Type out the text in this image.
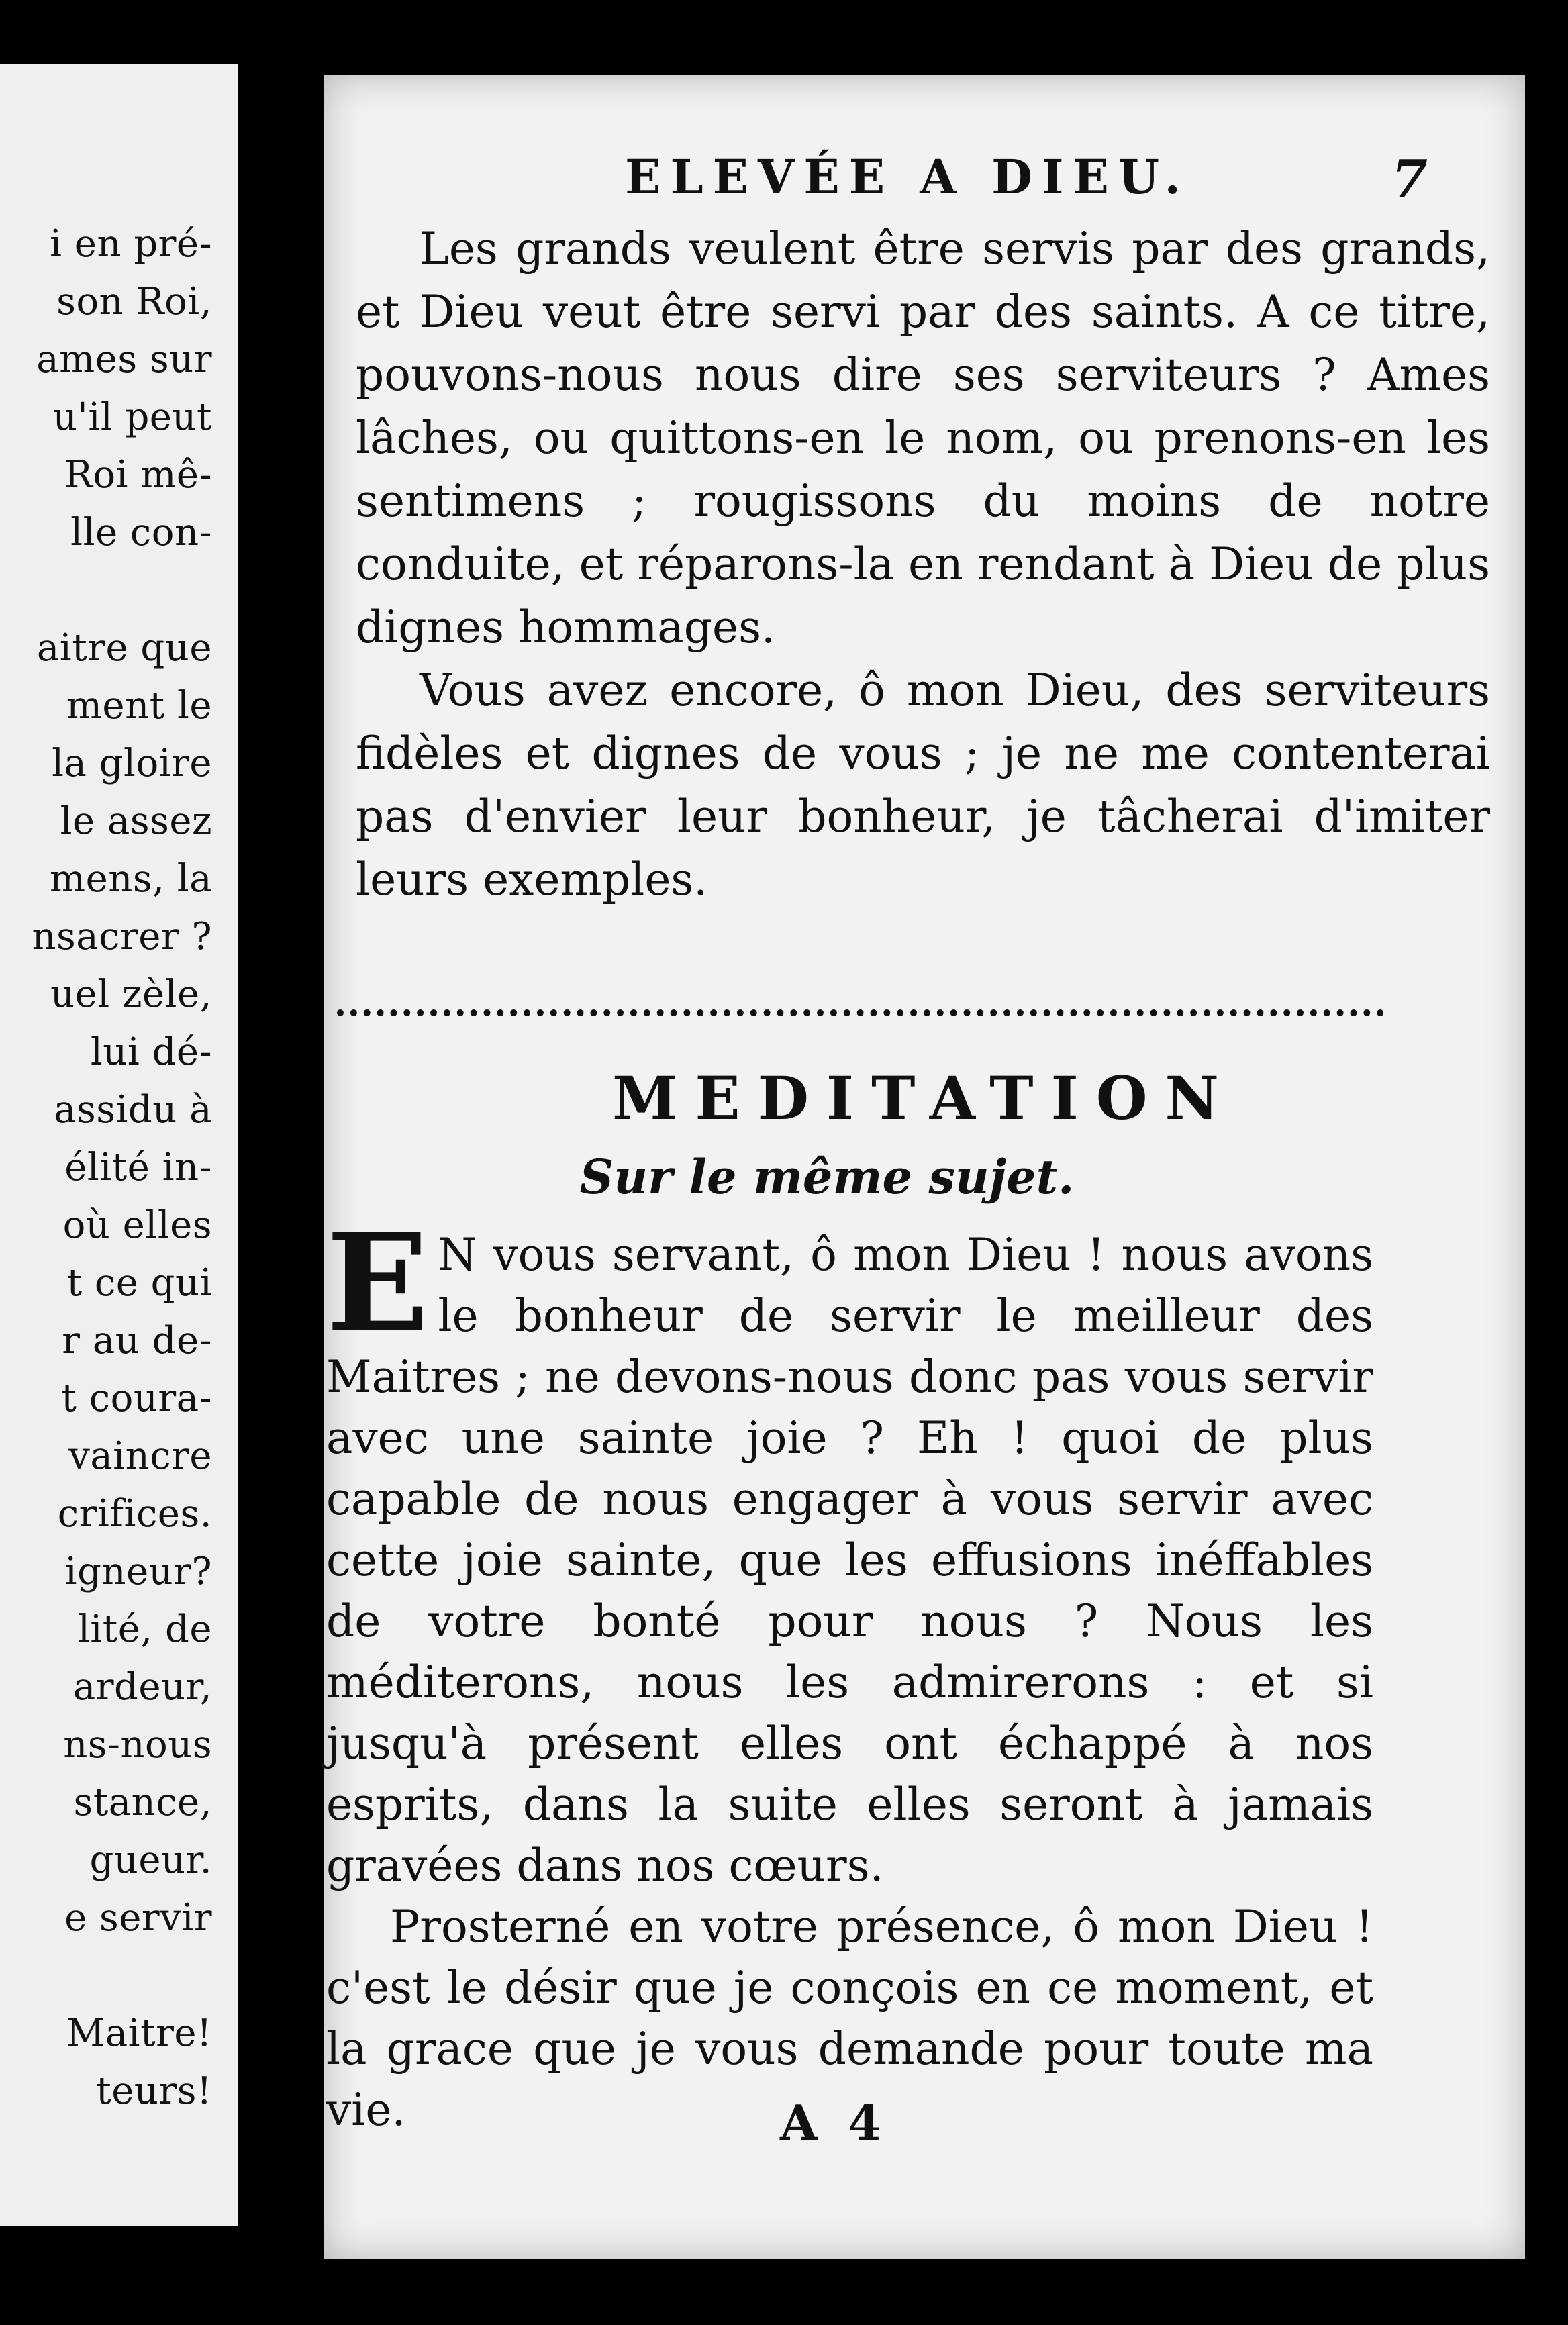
i en pré-
son Roi,
ames sur
u'il peut
Roi mê-
lle con-
aitre que
ment le
la gloire
le assez
mens, la
nsacrer ?
uel zèle,
lui dé-
assidu à
élité in-
où elles
t ce qui
r au de-
t coura-
vaincre
crifices.
igneur?
lité, de
ardeur,
ns-nous
stance,
gueur.
e servir
Maitre!
teurs!
ELEVÉE A DIEU.	7

Les grands veulent être servis par des grands, et Dieu veut être servi par des saints. A ce titre, pouvons-nous nous dire ses serviteurs ? Ames lâches, ou quittons-en le nom, ou prenons-en les sentimens ; rougissons du moins de notre conduite, et réparons-la en rendant à Dieu de plus dignes hommages.

Vous avez encore, ô mon Dieu, des serviteurs fidèles et dignes de vous ; je ne me contenterai pas d'envier leur bonheur, je tâcherai d'imiter leurs exemples.

MEDITATION
Sur le même sujet.

E N vous servant, ô mon Dieu ! nous avons le bonheur de servir le meilleur des Maitres ; ne devons-nous donc pas vous servir avec une sainte joie ? Eh ! quoi de plus capable de nous engager à vous servir avec cette joie sainte, que les effusions inéffables de votre bonté pour nous ? Nous les méditerons, nous les admirerons : et si jusqu'à présent elles ont échappé à nos esprits, dans la suite elles seront à jamais gravées dans nos cœurs.

Prosterné en votre présence, ô mon Dieu ! c'est le désir que je conçois en ce moment, et la grace que je vous demande pour toute ma vie.	A 4
